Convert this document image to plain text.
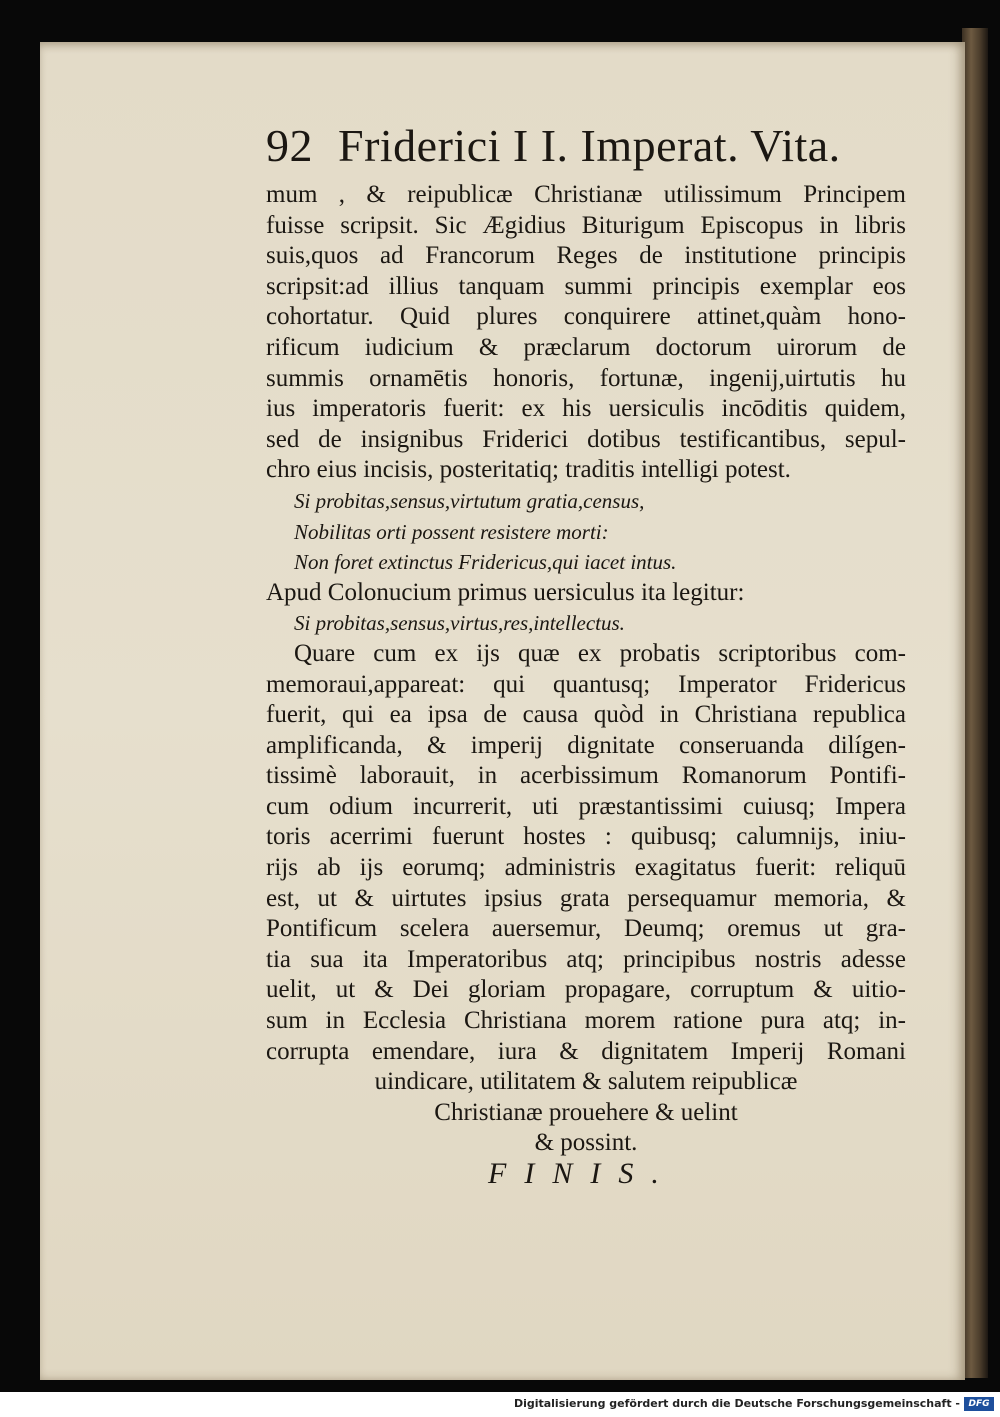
92 Friderici I I. Imperat. Vita.
mum , & reipublicæ Christianæ utilissimum Principem
fuisse scripsit. Sic Ægidius Biturigum Episcopus in libris
suis,quos ad Francorum Reges de institutione principis
scripsit:ad illius tanquam summi principis exemplar eos
cohortatur. Quid plures conquirere attinet,quàm hono-
rificum iudicium & præclarum doctorum uirorum de
summis ornamētis honoris, fortunæ, ingenij,uirtutis hu
ius imperatoris fuerit: ex his uersiculis incōditis quidem,
sed de insignibus Friderici dotibus testificantibus, sepul-
chro eius incisis, posteritatiq; traditis intelligi potest.
Si probitas,sensus,virtutum gratia,census,
Nobilitas orti possent resistere morti:
Non foret extinctus Fridericus,qui iacet intus.
Apud Colonucium primus uersiculus ita legitur:
Si probitas,sensus,virtus,res,intellectus.
Quare cum ex ijs quæ ex probatis scriptoribus com-
memoraui,appareat: qui quantusq; Imperator Fridericus
fuerit, qui ea ipsa de causa quòd in Christiana republica
amplificanda, & imperij dignitate conseruanda dilígen-
tissimè laborauit, in acerbissimum Romanorum Pontifi-
cum odium incurrerit, uti præstantissimi cuiusq; Impera
toris acerrimi fuerunt hostes : quibusq; calumnijs, iniu-
rijs ab ijs eorumq; administris exagitatus fuerit: reliquū
est, ut & uirtutes ipsius grata persequamur memoria, &
Pontificum scelera auersemur, Deumq; oremus ut gra-
tia sua ita Imperatoribus atq; principibus nostris adesse
uelit, ut & Dei gloriam propagare, corruptum & uitio-
sum in Ecclesia Christiana morem ratione pura atq; in-
corrupta emendare, iura & dignitatem Imperij Romani
uindicare, utilitatem & salutem reipublicæ
Christianæ prouehere & uelint
& possint.
FINIS.
Digitalisierung gefördert durch die Deutsche Forschungsgemeinschaft - DFG
